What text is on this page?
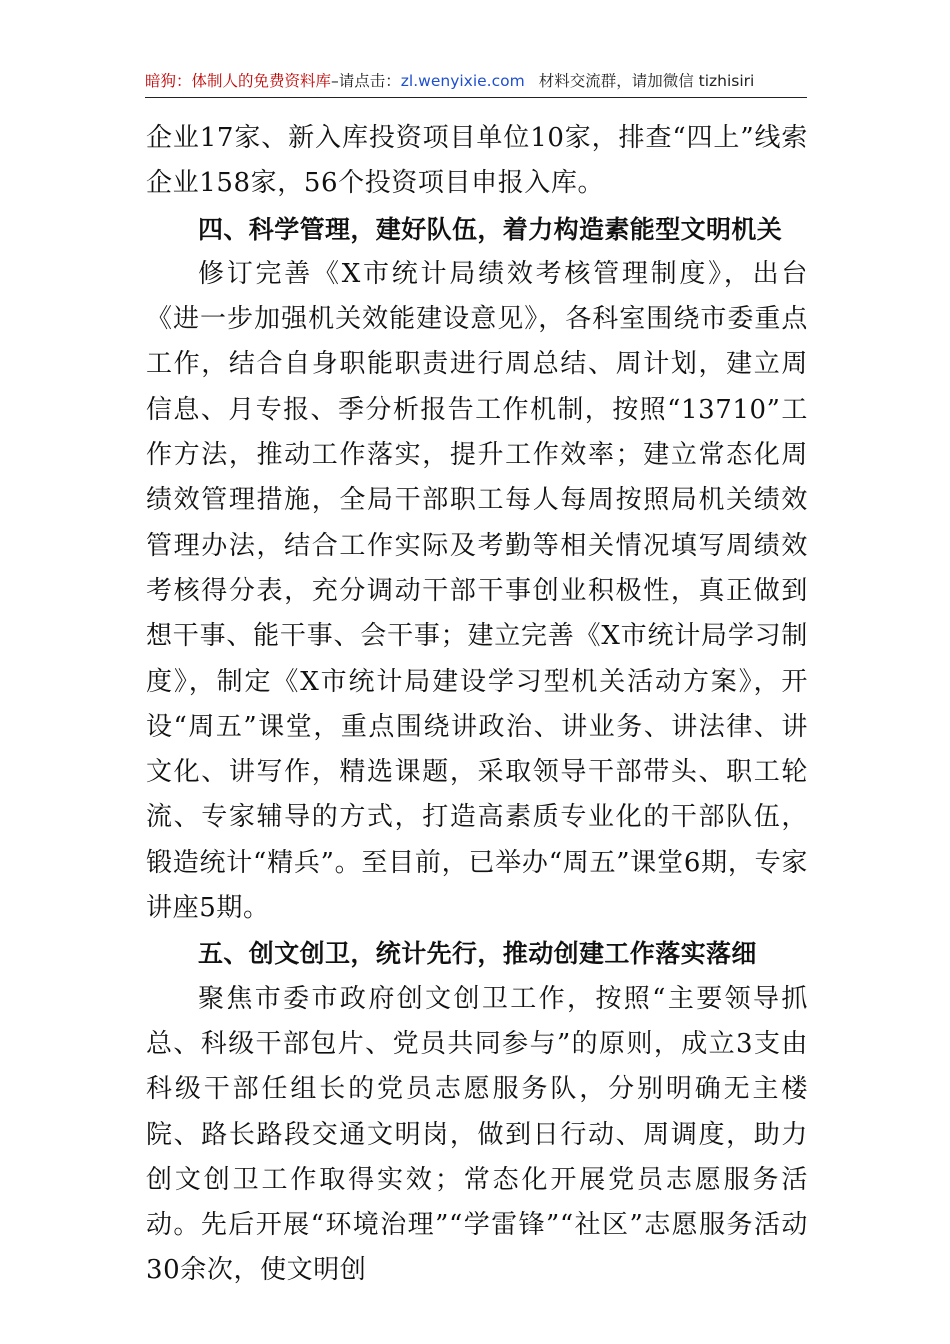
暗狗：体制人的免费资料库–请点击：zl.wenyixie.com 材料交流群，请加微信 tizhisiri

企业17家、新入库投资项目单位10家，排查“四上”线索企业158家，56个投资项目申报入库。

四、科学管理，建好队伍，着力构造素能型文明机关

修订完善《X市统计局绩效考核管理制度》，出台《进一步加强机关效能建设意见》，各科室围绕市委重点工作，结合自身职能职责进行周总结、周计划，建立周信息、月专报、季分析报告工作机制，按照“13710”工作方法，推动工作落实，提升工作效率；建立常态化周绩效管理措施，全局干部职工每人每周按照局机关绩效管理办法，结合工作实际及考勤等相关情况填写周绩效考核得分表，充分调动干部干事创业积极性，真正做到想干事、能干事、会干事；建立完善《X市统计局学习制度》，制定《X市统计局建设学习型机关活动方案》，开设“周五”课堂，重点围绕讲政治、讲业务、讲法律、讲文化、讲写作，精选课题，采取领导干部带头、职工轮流、专家辅导的方式，打造高素质专业化的干部队伍，锻造统计“精兵”。至目前，已举办“周五”课堂6期，专家讲座5期。

五、创文创卫，统计先行，推动创建工作落实落细

聚焦市委市政府创文创卫工作，按照“主要领导抓总、科级干部包片、党员共同参与”的原则，成立3支由科级干部任组长的党员志愿服务队，分别明确无主楼院、路长路段交通文明岗，做到日行动、周调度，助力创文创卫工作取得实效；常态化开展党员志愿服务活动。先后开展“环境治理”“学雷锋”“社区”志愿服务活动30余次，使文明创
